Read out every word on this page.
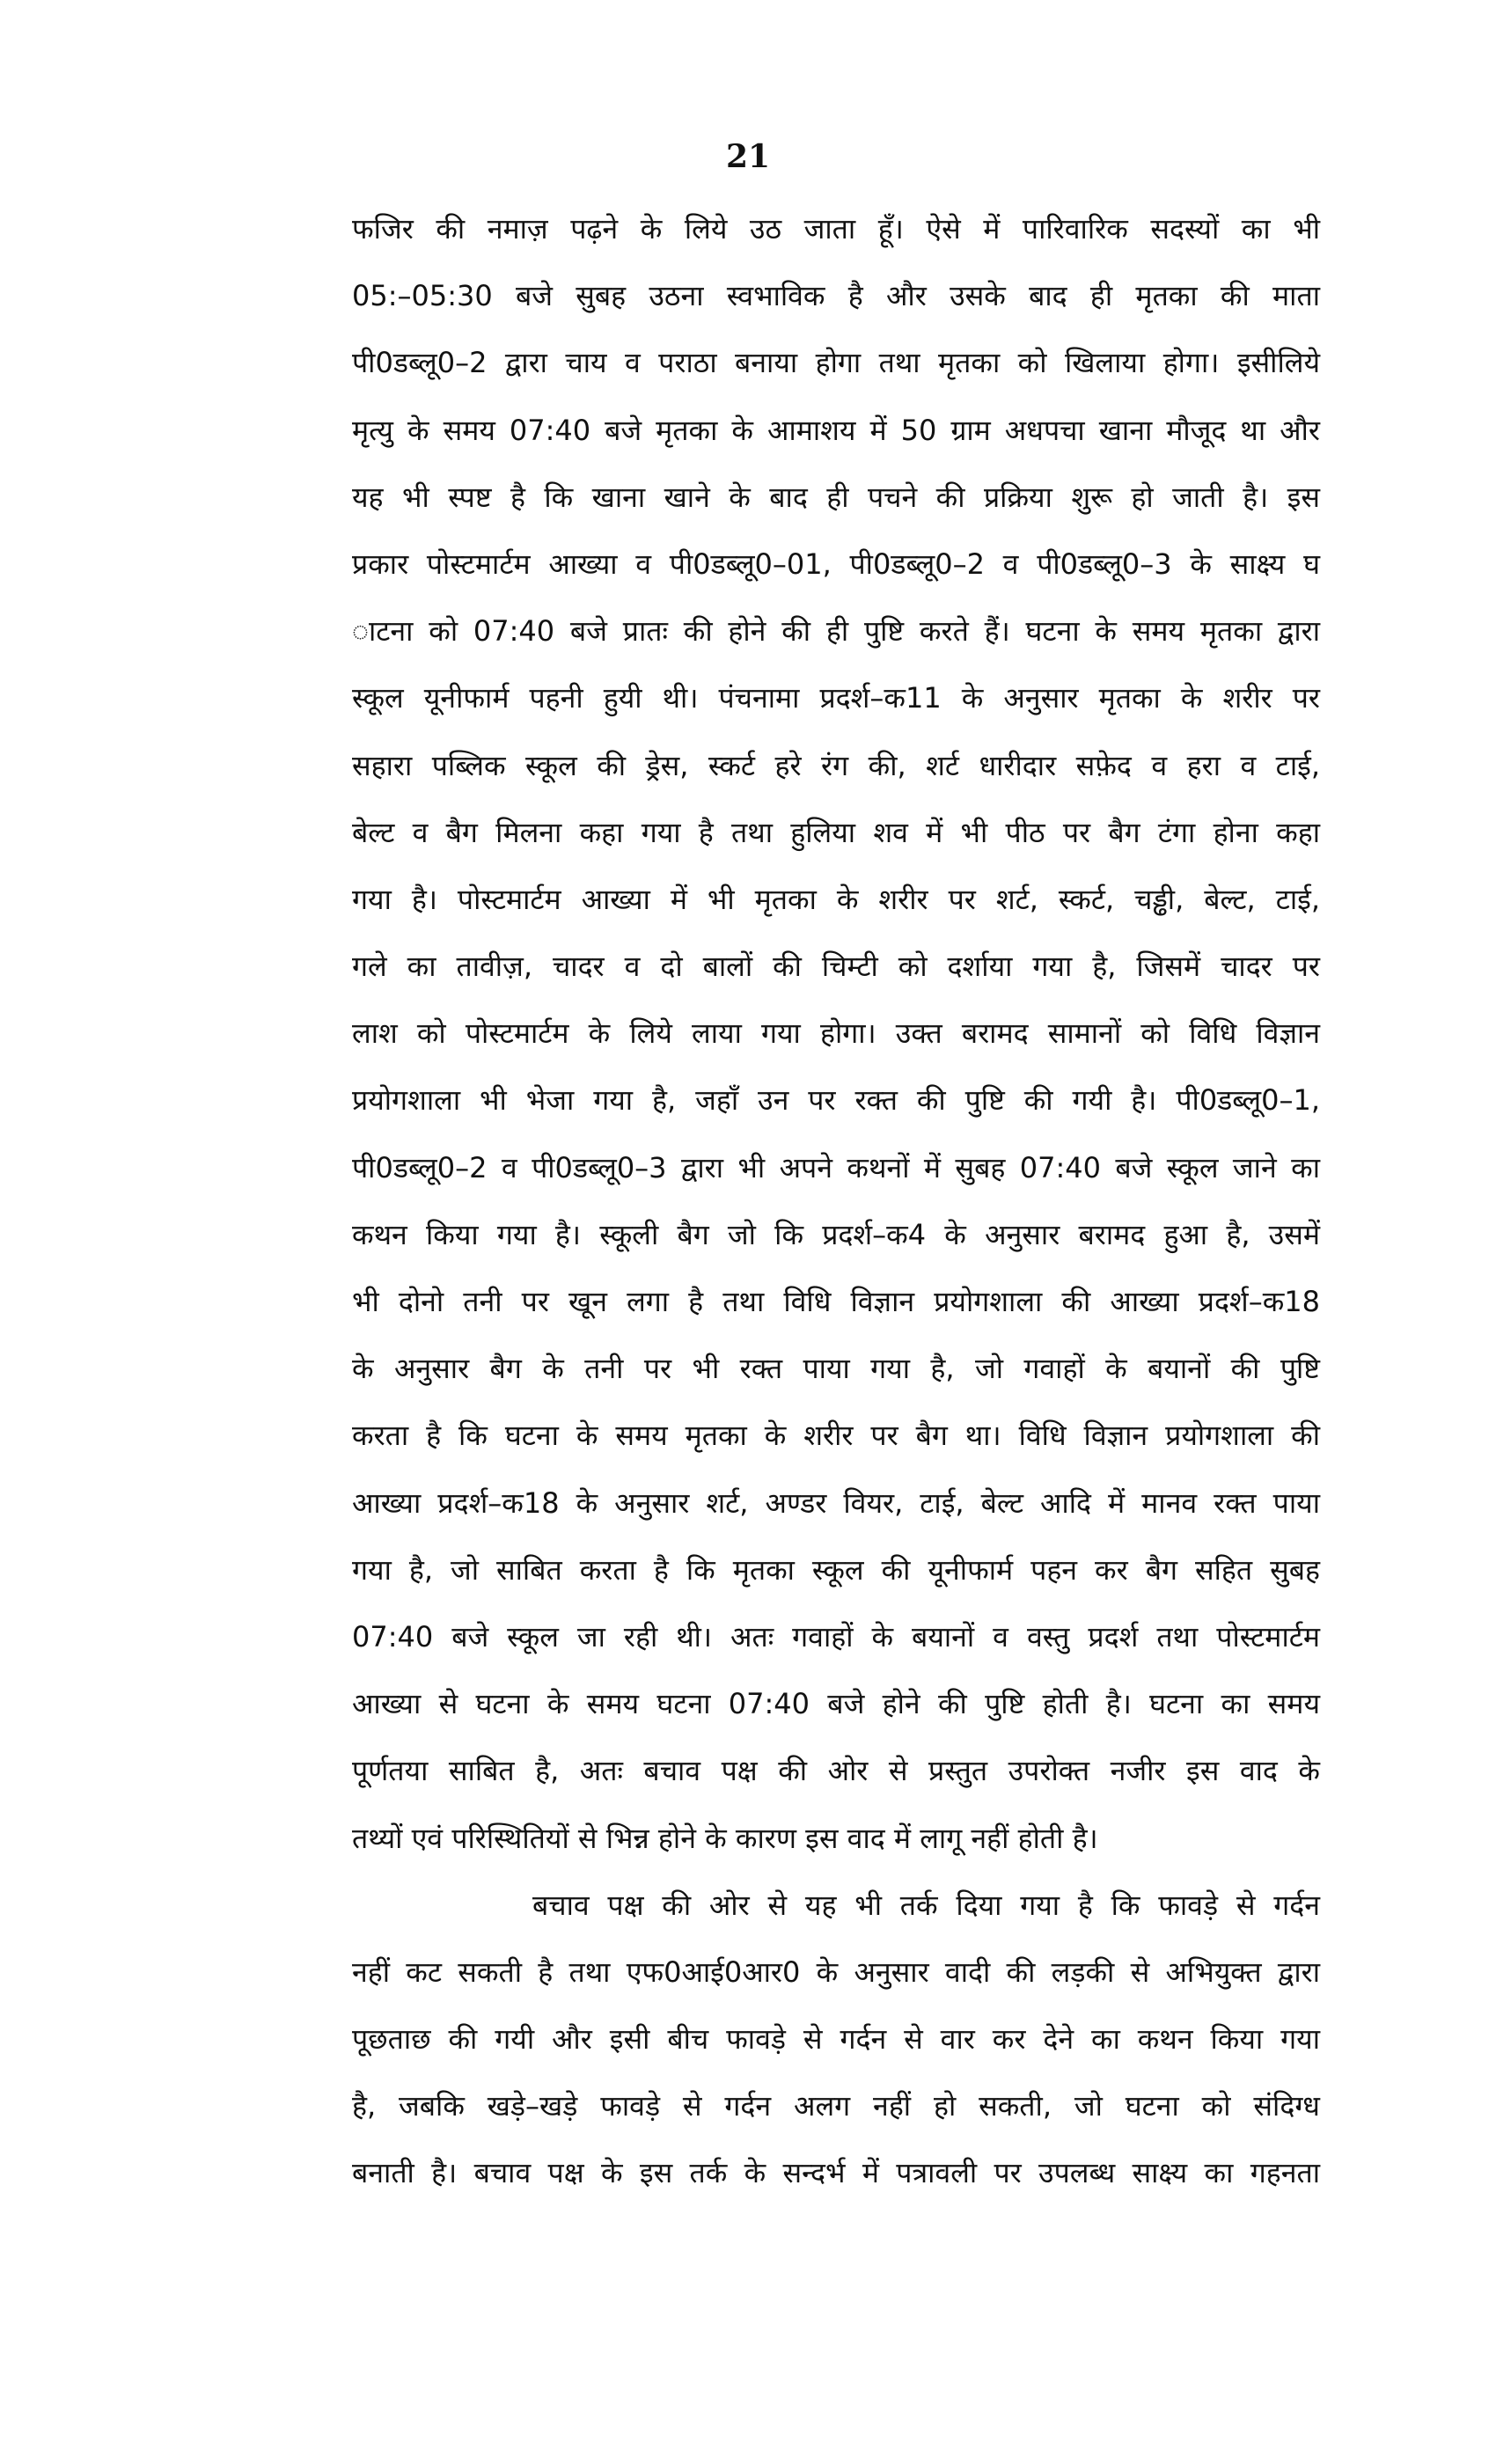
21
फजिर की नमाज़ पढ़ने के लिये उठ जाता हूँ। ऐसे में पारिवारिक सदस्यों का भी
05:–05:30 बजे सुबह उठना स्वभाविक है और उसके बाद ही मृतका की माता
पी0डब्लू0–2 द्वारा चाय व पराठा बनाया होगा तथा मृतका को खिलाया होगा। इसीलिये
मृत्यु के समय 07:40 बजे मृतका के आमाशय में 50 ग्राम अधपचा खाना मौजूद था और
यह भी स्पष्ट है कि खाना खाने के बाद ही पचने की प्रक्रिया शुरू हो जाती है। इस
प्रकार पोस्टमार्टम आख्या व पी0डब्लू0–01, पी0डब्लू0–2 व पी0डब्लू0–3 के साक्ष्य घ
ाटना को 07:40 बजे प्रातः की होने की ही पुष्टि करते हैं। घटना के समय मृतका द्वारा
स्कूल यूनीफार्म पहनी हुयी थी। पंचनामा प्रदर्श–क11 के अनुसार मृतका के शरीर पर
सहारा पब्लिक स्कूल की ड्रेस, स्कर्ट हरे रंग की, शर्ट धारीदार सफ़ेद व हरा व टाई,
बेल्ट व बैग मिलना कहा गया है तथा हुलिया शव में भी पीठ पर बैग टंगा होना कहा
गया है। पोस्टमार्टम आख्या में भी मृतका के शरीर पर शर्ट, स्कर्ट, चड्ढी, बेल्ट, टाई,
गले का तावीज़, चादर व दो बालों की चिम्टी को दर्शाया गया है, जिसमें चादर पर
लाश को पोस्टमार्टम के लिये लाया गया होगा। उक्त बरामद सामानों को विधि विज्ञान
प्रयोगशाला भी भेजा गया है, जहाँ उन पर रक्त की पुष्टि की गयी है। पी0डब्लू0–1,
पी0डब्लू0–2 व पी0डब्लू0–3 द्वारा भी अपने कथनों में सुबह 07:40 बजे स्कूल जाने का
कथन किया गया है। स्कूली बैग जो कि प्रदर्श–क4 के अनुसार बरामद हुआ है, उसमें
भी दोनो तनी पर खून लगा है तथा विधि विज्ञान प्रयोगशाला की आख्या प्रदर्श–क18
के अनुसार बैग के तनी पर भी रक्त पाया गया है, जो गवाहों के बयानों की पुष्टि
करता है कि घटना के समय मृतका के शरीर पर बैग था। विधि विज्ञान प्रयोगशाला की
आख्या प्रदर्श–क18 के अनुसार शर्ट, अण्डर वियर, टाई, बेल्ट आदि में मानव रक्त पाया
गया है, जो साबित करता है कि मृतका स्कूल की यूनीफार्म पहन कर बैग सहित सुबह
07:40 बजे स्कूल जा रही थी। अतः गवाहों के बयानों व वस्तु प्रदर्श तथा पोस्टमार्टम
आख्या से घटना के समय घटना 07:40 बजे होने की पुष्टि होती है। घटना का समय
पूर्णतया साबित है, अतः बचाव पक्ष की ओर से प्रस्तुत उपरोक्त नजीर इस वाद के
तथ्यों एवं परिस्थितियों से भिन्न होने के कारण इस वाद में लागू नहीं होती है।
बचाव पक्ष की ओर से यह भी तर्क दिया गया है कि फावड़े से गर्दन
नहीं कट सकती है तथा एफ0आई0आर0 के अनुसार वादी की लड़की से अभियुक्त द्वारा
पूछताछ की गयी और इसी बीच फावड़े से गर्दन से वार कर देने का कथन किया गया
है, जबकि खड़े–खड़े फावड़े से गर्दन अलग नहीं हो सकती, जो घटना को संदिग्ध
बनाती है। बचाव पक्ष के इस तर्क के सन्दर्भ में पत्रावली पर उपलब्ध साक्ष्य का गहनता
